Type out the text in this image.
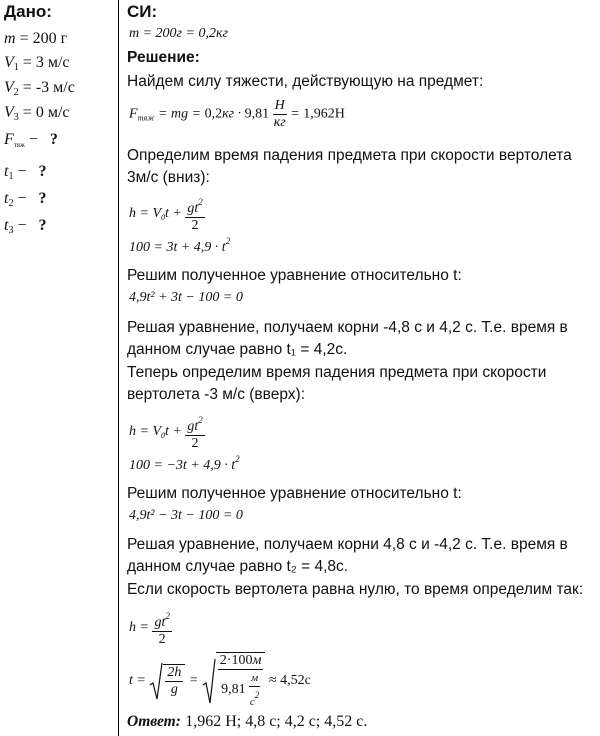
Дано:
m = 200 г
$V_1 = 3$ м/с
$V_2 = -3$ м/с
$V_3 = 0$ м/с
$F_{тяж}$ − ?
$t_1$ − ?
$t_2$ − ?
$t_3$ − ?
СИ:
m = 200г = 0,2кг
Решение:
Найдем силу тяжести, действующую на предмет:
$F_{тяж}$ = mg = $0,2кг \cdot 9,81 \frac{H}{кг} = 1,962H$
Определим время падения предмета при скорости вертолета
3м/с (вниз):
$h = V_0t + \frac{gt^2}{2}$
$100 = 3t + 4,9 \cdot t^2$
Решим полученное уравнение относительно t:
4,9t² + 3t − 100 = 0
Решая уравнение, получаем корни -4,8 с и 4,2 с. Т.е. время в
данном случае равно t₁ = 4,2с.
Теперь определим время падения предмета при скорости
вертолета -3 м/с (вверх):
$h = V_0t + \frac{gt^2}{2}$
$100 = -3t + 4,9 \cdot t^2$
Решим полученное уравнение относительно t:
4,9t² − 3t − 100 = 0
Решая уравнение, получаем корни 4,8 с и -4,2 с. Т.е. время в
данном случае равно t₂ = 4,8с.
Если скорость вертолета равна нулю, то время определим так:
$h = \frac{gt^2}{2}$
$t = \frac{2h}{g} = \frac{2\cdot 100м}{9,81 \frac{м}{с^2}} \approx 4,52c$
Ответ: 1,962 Н; 4,8 с; 4,2 с; 4,52 с.
